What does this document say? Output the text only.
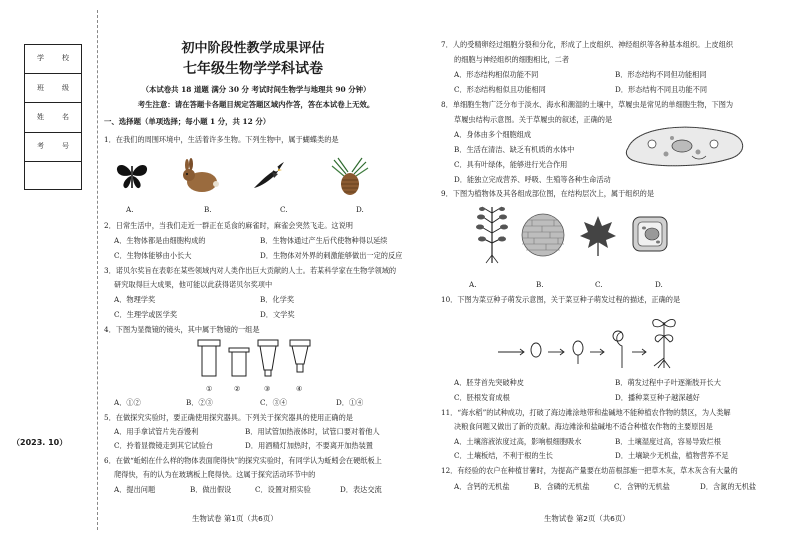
学	校
班	级
姓	名
考	号
（2023. 10）
初中阶段性教学成果评估
七年级生物学学科试卷
（本试卷共 18 道题 满分 30 分 考试时间生物学与地理共 90 分钟）
考生注意：请在答题卡各题目规定答题区域内作答，答在本试卷上无效。
一、选择题（单项选择；每小题 1 分，共 12 分）
1．在我们的周围环境中，生活着许多生物。下列生物中，属于蝴蝶类的是
A.	B.	C.	D.
2．日常生活中，当我们走近一群正在觅食的麻雀时，麻雀会突然飞走。这说明
A．生物体都是由细胞构成的	B．生物体通过产生后代使物种得以延续
C．生物体能够由小长大	D．生物体对外界的刺激能够做出一定的反应
3．诺贝尔奖旨在表彰在某些领域内对人类作出巨大贡献的人士。若某科学家在生物学领域的
研究取得巨大成果，他可能以此获得诺贝尔奖项中
A．物理学奖	B．化学奖
C．生理学或医学奖	D．文学奖
4．下图为显微镜的镜头，其中属于物镜的一组是
①	②	③	④
A．①②	B．②③	C．③④	D．①④
5．在做探究实验时，要正确使用探究器具。下列关于探究器具的使用正确的是
A．用手拿试管片先吞馒利	B．用试管加热液体时，试管口要对着他人
C．拎着显微镜走到其它试验台	D．用酒精灯加热时，不要离开加热装置
6．在做“蚯蚓在什么样的物体表面爬得快”的探究实验时，有同学认为蚯蚓会在硬纸板上
爬得快，有的认为在玻璃板上爬得快。这属于探究活动环节中的
A．提出问题	B．做出假设	C．设置对照实验	D．表达交流
生物试卷 第1页（共6页）
7．人的受精卵经过细胞分裂和分化，形成了上皮组织、神经组织等各种基本组织。上皮组织
的细胞与神经组织的细胞相比，二者
A．形态结构相似功能不同	B．形态结构不同但功能相同
C．形态结构相似且功能相同	D．形态结构不同且功能不同
8．单细胞生物广泛分布于淡水、海水和潮湿的土壤中，草履虫是常见的单细胞生物，下图为
草履虫结构示意图。关于草履虫的叙述，正确的是
A．身体由多个细胞组成
B．生活在清洁、缺乏有机质的水体中
C．具有叶绿体，能够进行光合作用
D．能独立完成营养、呼吸、生殖等各种生命活动
9．下图为植物体及其各组成部位图，在结构层次上，属于组织的是
A.	B.	C.	D.
10．下图为菜豆种子萌发示意图，关于菜豆种子萌发过程的描述，正确的是
A．胚芽首先突破种皮	B．萌发过程中子叶逐渐肢开长大
C．胚根发育成根	D．播种菜豆种子越深越好
11．“海水稻”的试种成功，打破了海边滩涂地带和盐碱地不能种植农作物的禁区，为人类解
决粮食问题又做出了新的贡献。海边滩涂和盐碱地不适合种植农作物的主要原因是
A．土壤溶液浓度过高，影响根细胞吸水	B．土壤湿度过高，容易导致烂根
C．土壤板结，不利于根的生长	D．土壤缺少无机盐，植物营养不足
12．有经验的农户在种植甘薯时，为提高产量要在幼苗根部施一把草木灰，草木灰含有大量的
A．含钙的无机盐	B．含磷的无机盐	C．含钾的无机盐	D．含氮的无机盐
生物试卷 第2页（共6页）
